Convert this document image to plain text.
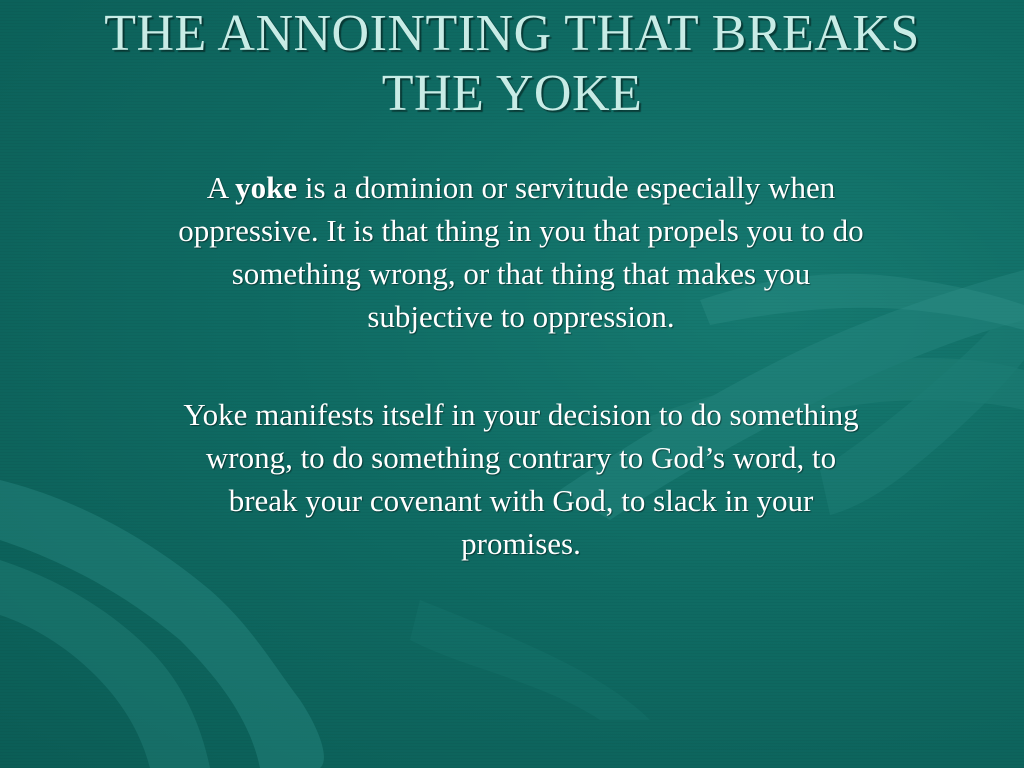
THE ANNOINTING THAT BREAKS THE YOKE

A yoke is a dominion or servitude especially when oppressive. It is that thing in you that propels you to do something wrong, or that thing that makes you subjective to oppression.

Yoke manifests itself in your decision to do something wrong, to do something contrary to God’s word, to break your covenant with God, to slack in your promises.
